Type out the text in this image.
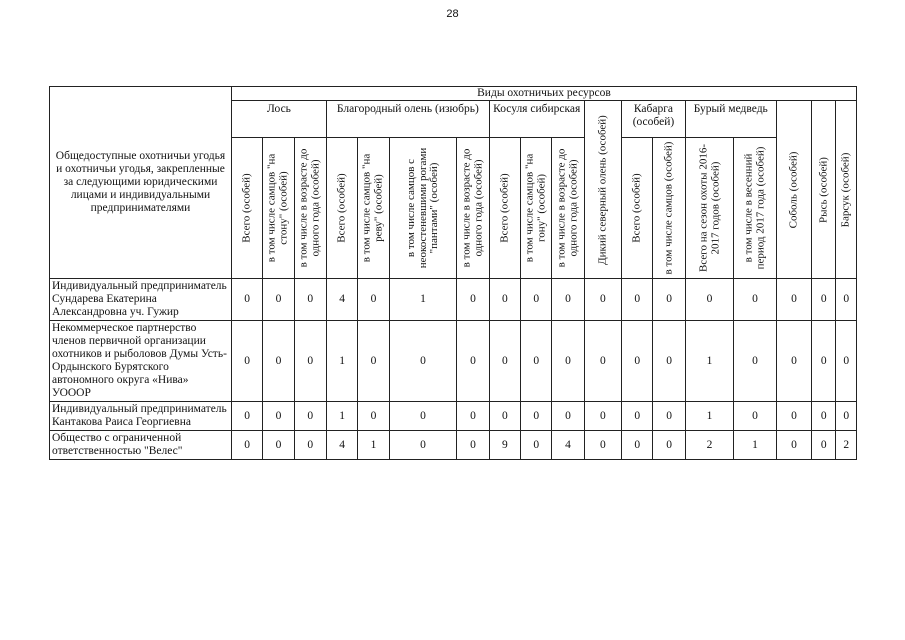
28
Общедоступные охотничьи угодья и охотничьи угодья, закрепленные за следующими юридическими лицами и индивидуальными предпринимателями	Виды охотничьих ресурсов																	
	Лось			Благородный олень (изюбрь)				Косуля сибирская			Дикий северный олень (особей)	Кабарга (особей)		Бурый медведь		Соболь (особей)	Рысь (особей)	Барсук (особей)

	Всего (особей)	в том числе самцов "на стону" (особей)	в том числе в возрасте до одного года (особей)	Всего (особей)	в том числе самцов "на реву" (особей)	в том числе самцов с неокостеневшими рогами "пантами" (особей)	в том числе в возрасте до одного года (особей)	Всего (особей)	в том числе самцов "на гону" (особей)	в том числе в возрасте до одного года (особей)		Всего (особей)	в том числе самцов (особей)	Всего на сезон охоты 2016-2017 годов (особей)	в том числе в весенний период 2017 года (особей)			

Индивидуальный предприниматель Сундарева Екатерина Александровна уч. Гужир	0	0	0	4	0	1	0	0	0	0	0	0	0	0	0	0	0	0
Некоммерческое партнерство членов первичной организации охотников и рыболовов Думы Усть-Ордынского Бурятского автономного округа «Нива» УОООР	0	0	0	1	0	0	0	0	0	0	0	0	0	1	0	0	0	0
Индивидуальный предприниматель Кантакова Раиса Георгиевна	0	0	0	1	0	0	0	0	0	0	0	0	0	1	0	0	0	0
Общество с ограниченной ответственностью "Велес"	0	0	0	4	1	0	0	9	0	4	0	0	0	2	1	0	0	2
